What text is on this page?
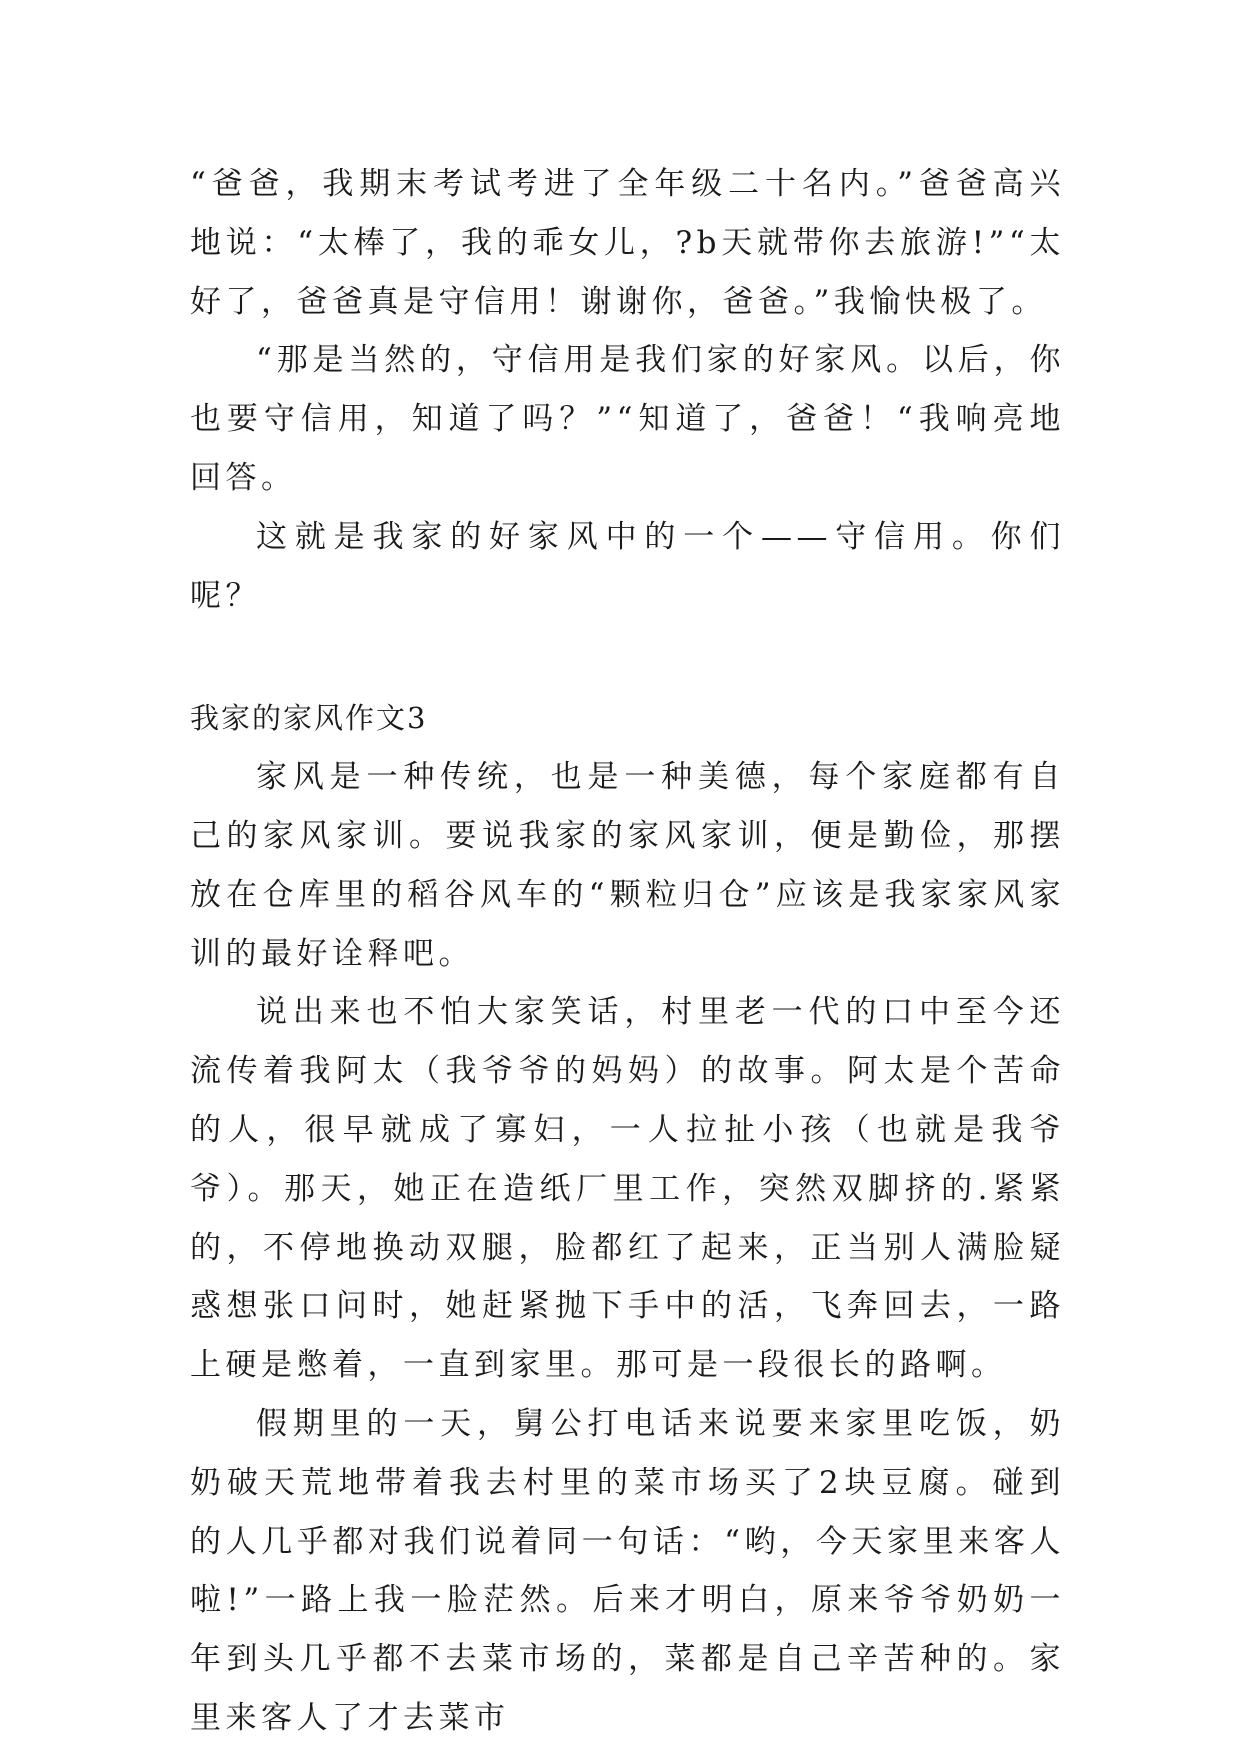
“爸爸，我期末考试考进了全年级二十名内。”爸爸高兴地说：“太棒了，我的乖女儿，?b天就带你去旅游!”“太好了，爸爸真是守信用！谢谢你，爸爸。”我愉快极了。

“那是当然的，守信用是我们家的好家风。以后，你也要守信用，知道了吗？”“知道了，爸爸！“我响亮地回答。

这就是我家的好家风中的一个——守信用。你们呢？

我家的家风作文3

家风是一种传统，也是一种美德，每个家庭都有自己的家风家训。要说我家的家风家训，便是勤俭，那摆放在仓库里的稻谷风车的“颗粒归仓”应该是我家家风家训的最好诠释吧。

说出来也不怕大家笑话，村里老一代的口中至今还流传着我阿太（我爷爷的妈妈）的故事。阿太是个苦命的人，很早就成了寡妇，一人拉扯小孩（也就是我爷爷）。那天，她正在造纸厂里工作，突然双脚挤的.紧紧的，不停地换动双腿，脸都红了起来，正当别人满脸疑惑想张口问时，她赶紧抛下手中的活，飞奔回去，一路上硬是憋着，一直到家里。那可是一段很长的路啊。

假期里的一天，舅公打电话来说要来家里吃饭，奶奶破天荒地带着我去村里的菜市场买了2块豆腐。碰到的人几乎都对我们说着同一句话：“哟，今天家里来客人啦!”一路上我一脸茫然。后来才明白，原来爷爷奶奶一年到头几乎都不去菜市场的，菜都是自己辛苦种的。家里来客人了才去菜市
